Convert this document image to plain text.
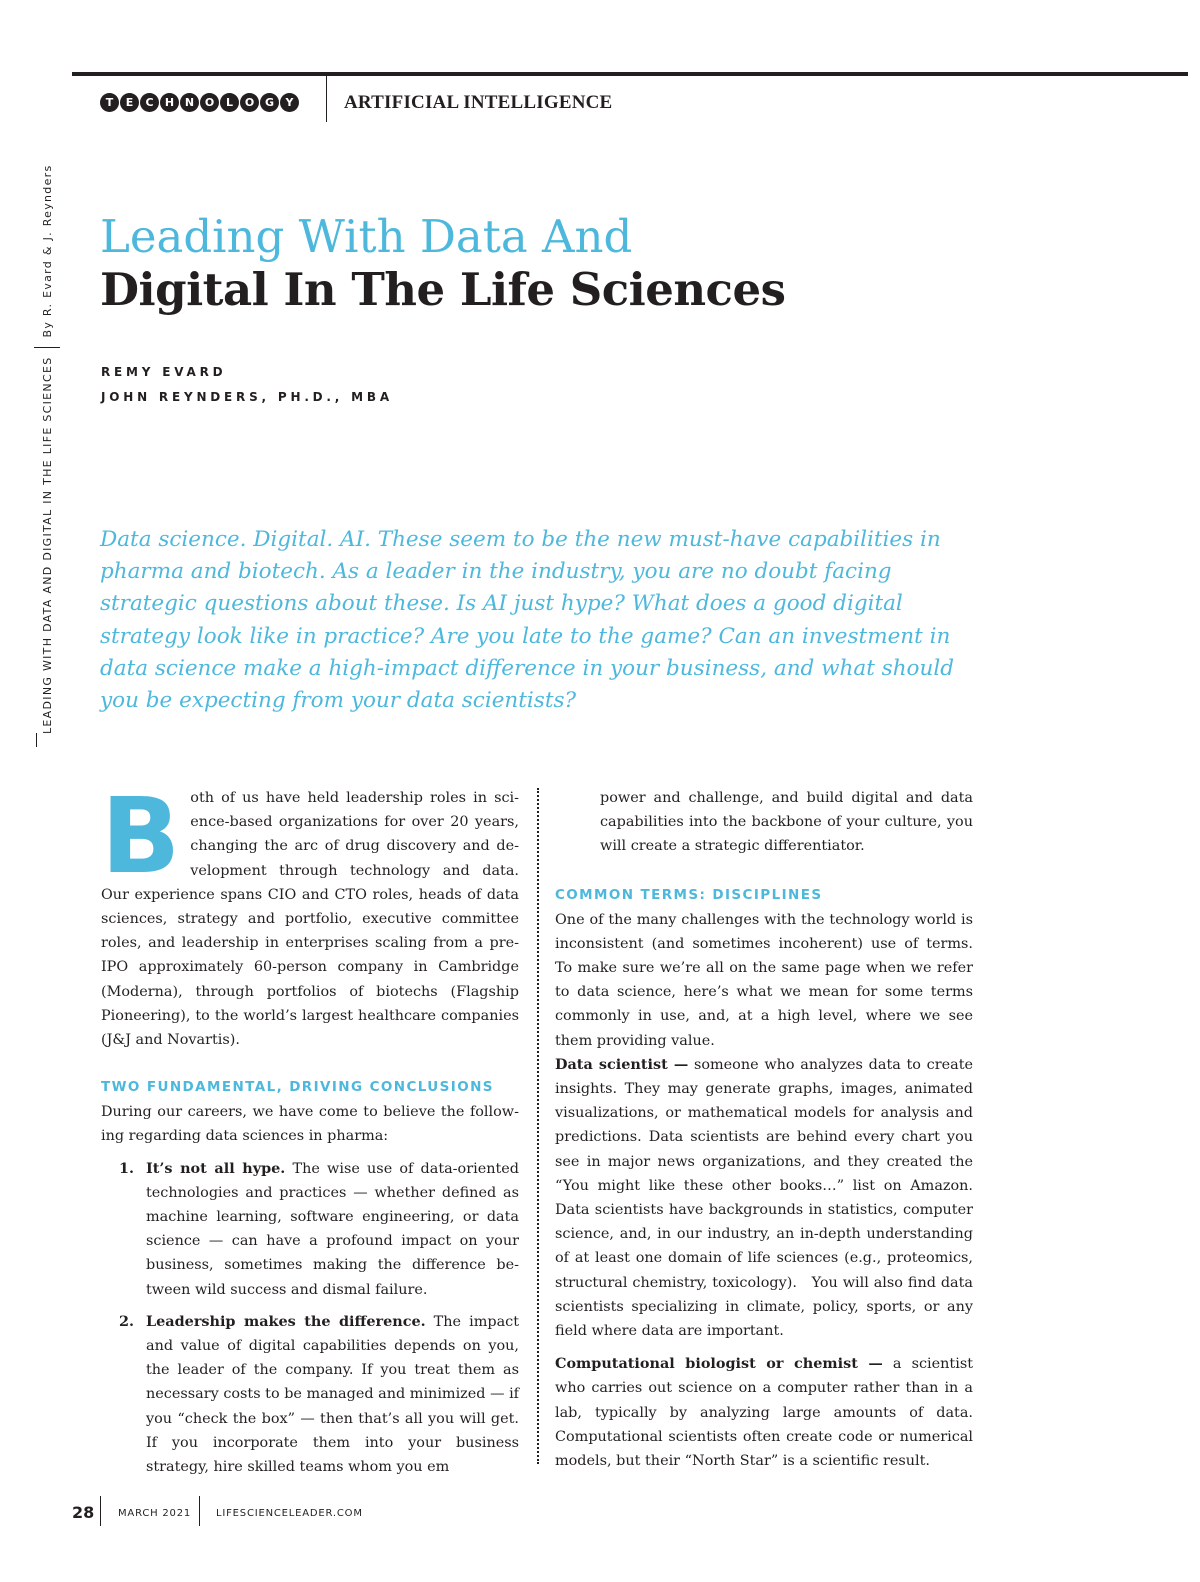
T	E	C	H N O	L	O G	Y	ARTIFICIAL INTELLIGENCE
LEADING WITH DATA AND DIGITAL IN THE LIFE SCIENCES
By R. Evard & J. Reynders Leading With Data And
Digital In The Life Sciences
REMY EVARD
JOHN REYNDERS, PH.D., MBA

Data science. Digital. AI. These seem to be the new must-have capabilities in pharma and biotech. As a leader in the industry, you are no doubt facing strategic questions about these. Is AI just hype? What does a good digital strategy look like in practice? Are you late to the game? Can an investment in data science make a high-impact difference in your business, and what should you be expecting from your data scientists?

B oth of us have held leadership roles in science-based organizations for over 20 years, changing the arc of drug discovery and development through technology and data. Our experience spans CIO and CTO roles, heads of data sciences, strategy and portfolio, executive committee roles, and leadership in enterprises scaling from a pre-IPO approximately 60-person company in Cambridge (Moderna), through portfolios of biotechs (Flagship Pioneering), to the world’s largest healthcare companies (J&J and Novartis).

TWO FUNDAMENTAL, DRIVING CONCLUSIONS

During our careers, we have come to believe the following regarding data sciences in pharma:

1. It’s not all hype. The wise use of data-oriented technologies and practices — whether defined as machine learning, software engineering, or data science — can have a profound impact on your business, sometimes making the difference between wild success and dismal failure.
2. Leadership makes the difference. The impact and value of digital capabilities depends on you, the leader of the company. If you treat them as necessary costs to be managed and minimized — if you “check the box” — then that’s all you will get. If you incorporate them into your business strategy, hire skilled teams whom you em

power and challenge, and build digital and data capabilities into the backbone of your culture, you will create a strategic differentiator.

COMMON TERMS: DISCIPLINES

One of the many challenges with the technology world is inconsistent (and sometimes incoherent) use of terms. To make sure we’re all on the same page when we refer to data science, here’s what we mean for some terms commonly in use, and, at a high level, where we see them providing value.

Data scientist — someone who analyzes data to create insights. They may generate graphs, images, animated visualizations, or mathematical models for analysis and predictions. Data scientists are behind every chart you see in major news organizations, and they created the “You might like these other books…” list on Amazon. Data scientists have backgrounds in statistics, computer science, and, in our industry, an in-depth understanding of at least one domain of life sciences (e.g., proteomics, structural chemistry, toxicology).   You will also find data scientists specializing in climate, policy, sports, or any field where data are important.

Computational biologist or chemist — a scientist who carries out science on a computer rather than in a lab, typically by analyzing large amounts of data. Computational scientists often create code or numerical models, but their “North Star” is a scientific result.

28 MARCH 2021 LIFESCIENCELEADER.COM
